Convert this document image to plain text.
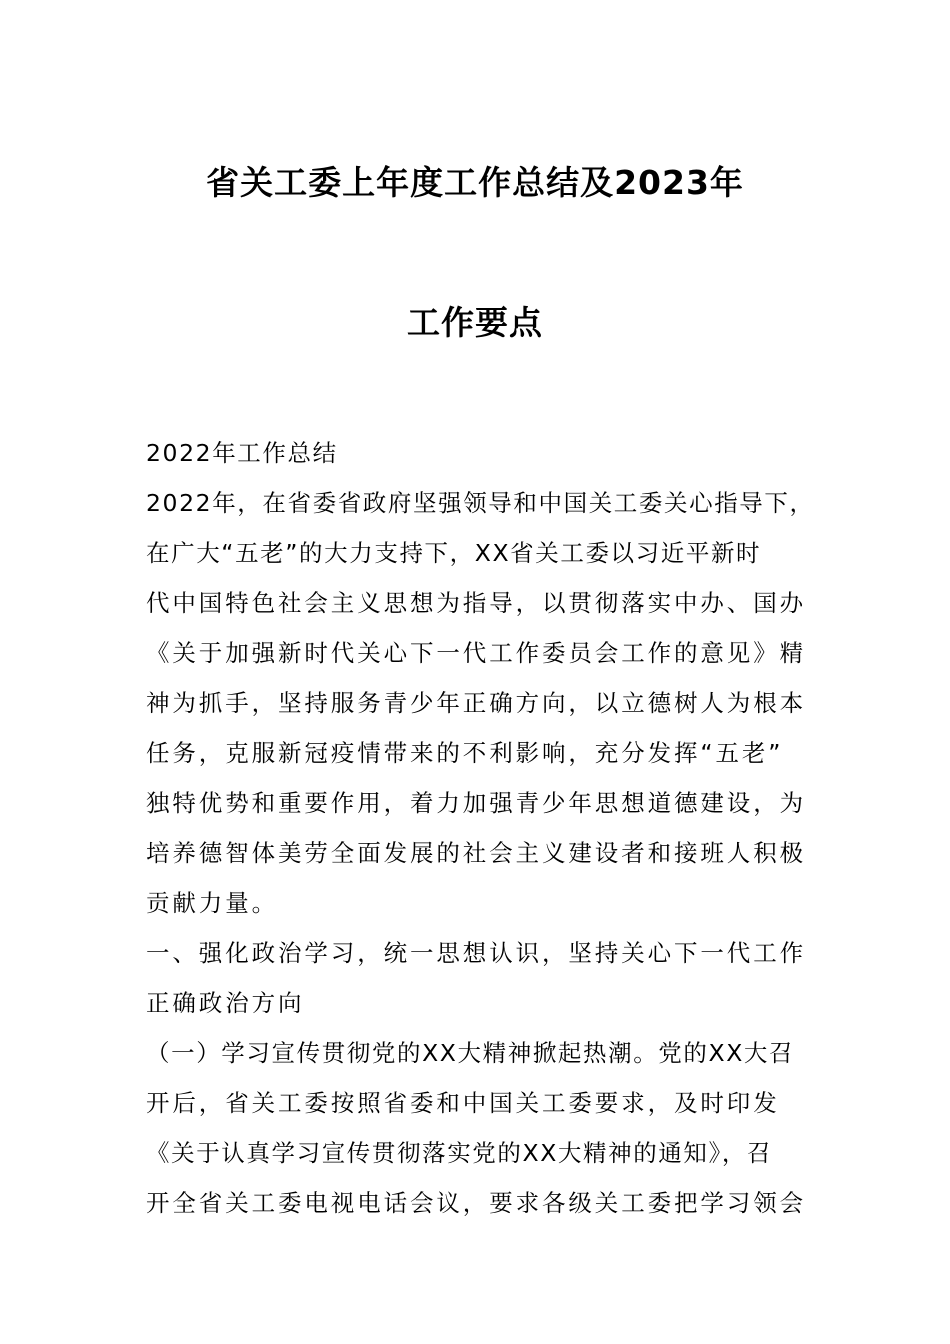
省关工委上年度工作总结及2023年
工作要点
2022年工作总结
2022年，在省委省政府坚强领导和中国关工委关心指导下，
在广大“五老”的大力支持下，XX省关工委以习近平新时
代中国特色社会主义思想为指导，以贯彻落实中办、国办
《关于加强新时代关心下一代工作委员会工作的意见》精
神为抓手，坚持服务青少年正确方向，以立德树人为根本
任务，克服新冠疫情带来的不利影响，充分发挥“五老”
独特优势和重要作用，着力加强青少年思想道德建设，为
培养德智体美劳全面发展的社会主义建设者和接班人积极
贡献力量。
一、强化政治学习，统一思想认识，坚持关心下一代工作
正确政治方向
（一）学习宣传贯彻党的XX大精神掀起热潮。党的XX大召
开后，省关工委按照省委和中国关工委要求，及时印发
《关于认真学习宣传贯彻落实党的XX大精神的通知》，召
开全省关工委电视电话会议，要求各级关工委把学习领会
